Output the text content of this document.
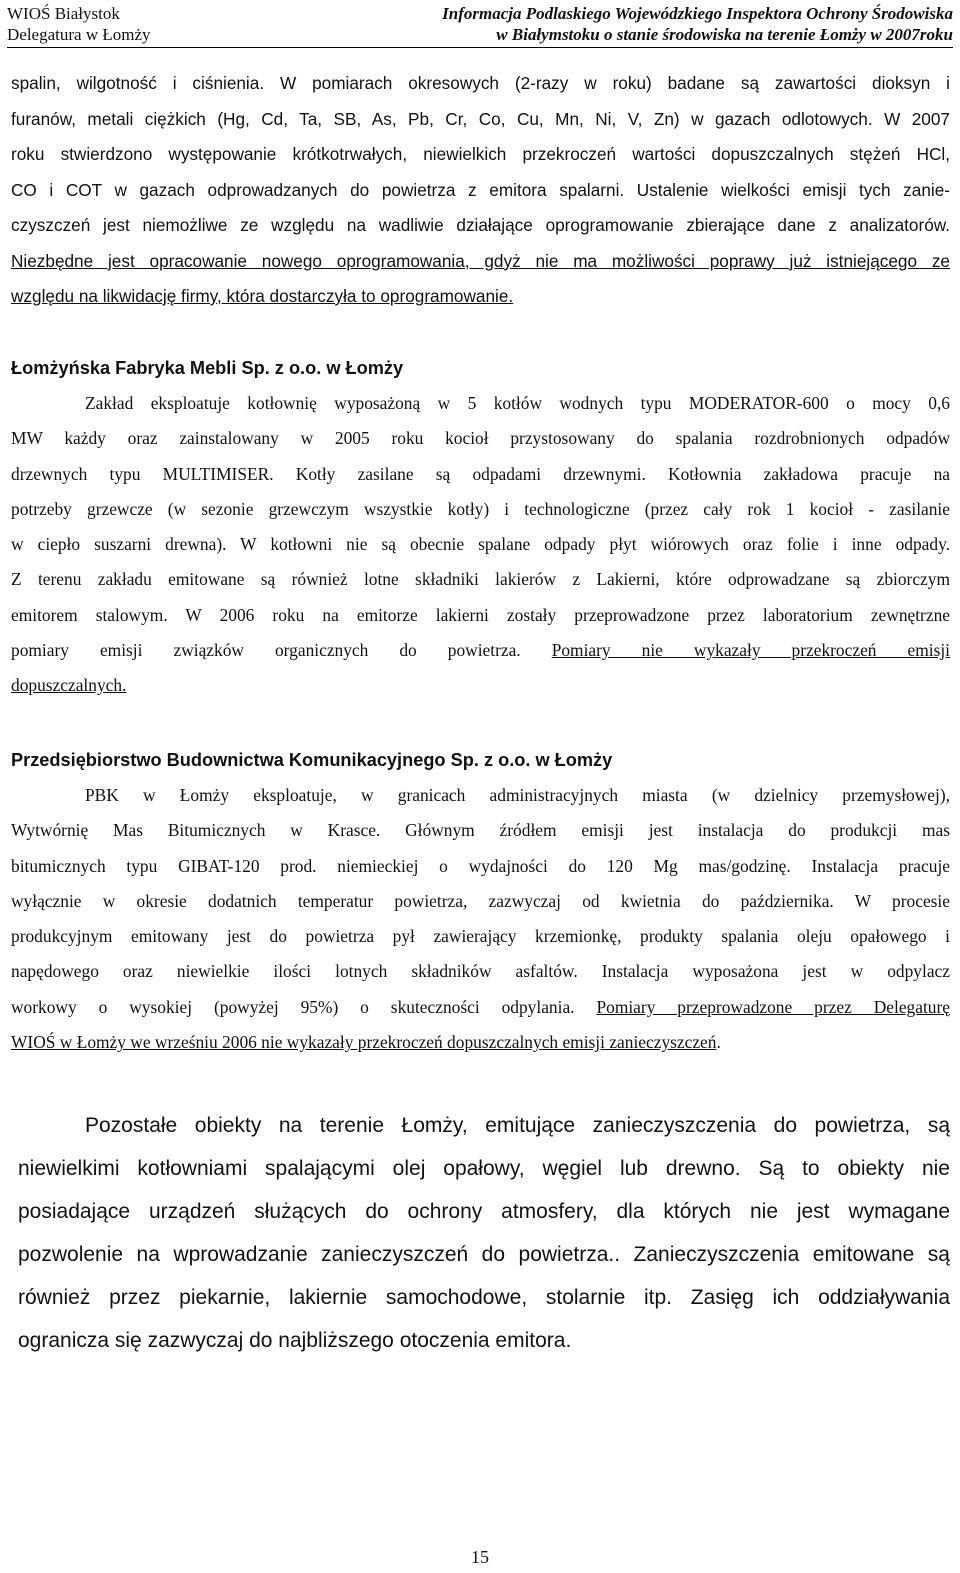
WIOŚ Białystok
Delegatura w Łomży
Informacja Podlaskiego Wojewódzkiego Inspektora Ochrony Środowiska
w Białymstoku o stanie środowiska na terenie Łomży w 2007roku
spalin, wilgotność i ciśnienia. W pomiarach okresowych (2-razy w roku) badane są zawartości dioksyn i
furanów, metali ciężkich (Hg, Cd, Ta, SB, As, Pb, Cr, Co, Cu, Mn, Ni, V, Zn) w gazach odlotowych. W 2007
roku stwierdzono występowanie krótkotrwałych, niewielkich przekroczeń wartości dopuszczalnych stężeń HCl,
CO i COT w gazach odprowadzanych do powietrza z emitora spalarni. Ustalenie wielkości emisji tych zanie-
czyszczeń jest niemożliwe ze względu na wadliwie działające oprogramowanie zbierające dane z analizatorów.
Niezbędne jest opracowanie nowego oprogramowania, gdyż nie ma możliwości poprawy już istniejącego ze
względu na likwidację firmy, która dostarczyła to oprogramowanie.
Łomżyńska Fabryka Mebli Sp. z o.o. w Łomży
Zakład eksploatuje kotłownię wyposażoną w 5 kotłów wodnych typu MODERATOR-600 o mocy 0,6
MW każdy oraz zainstalowany w 2005 roku kocioł przystosowany do spalania rozdrobnionych odpadów
drzewnych typu MULTIMISER. Kotły zasilane są odpadami drzewnymi. Kotłownia zakładowa pracuje na
potrzeby grzewcze (w sezonie grzewczym wszystkie kotły) i technologiczne (przez cały rok 1 kocioł - zasilanie
w ciepło suszarni drewna). W kotłowni nie są obecnie spalane odpady płyt wiórowych oraz folie i inne odpady.
Z terenu zakładu emitowane są również lotne składniki lakierów z Lakierni, które odprowadzane są zbiorczym
emitorem stalowym. W 2006 roku na emitorze lakierni zostały przeprowadzone przez laboratorium zewnętrzne
pomiary emisji związków organicznych do powietrza. Pomiary nie wykazały przekroczeń emisji
dopuszczalnych.
Przedsiębiorstwo Budownictwa Komunikacyjnego Sp. z o.o. w Łomży
PBK w Łomży eksploatuje, w granicach administracyjnych miasta (w dzielnicy przemysłowej),
Wytwórnię Mas Bitumicznych w Krasce. Głównym źródłem emisji jest instalacja do produkcji mas
bitumicznych typu GIBAT-120 prod. niemieckiej o wydajności do 120 Mg mas/godzinę. Instalacja pracuje
wyłącznie w okresie dodatnich temperatur powietrza, zazwyczaj od kwietnia do października. W procesie
produkcyjnym emitowany jest do powietrza pył zawierający krzemionkę, produkty spalania oleju opałowego i
napędowego oraz niewielkie ilości lotnych składników asfaltów. Instalacja wyposażona jest w odpylacz
workowy o wysokiej (powyżej 95%) o skuteczności odpylania. Pomiary przeprowadzone przez Delegaturę
WIOŚ w Łomży we wrześniu 2006 nie wykazały przekroczeń dopuszczalnych emisji zanieczyszczeń.
Pozostałe obiekty na terenie Łomży, emitujące zanieczyszczenia do powietrza, są
niewielkimi kotłowniami spalającymi olej opałowy, węgiel lub drewno. Są to obiekty nie
posiadające urządzeń służących do ochrony atmosfery, dla których nie jest wymagane
pozwolenie na wprowadzanie zanieczyszczeń do powietrza.. Zanieczyszczenia emitowane są
również przez piekarnie, lakiernie samochodowe, stolarnie itp. Zasięg ich oddziaływania
ogranicza się zazwyczaj do najbliższego otoczenia emitora.
15
